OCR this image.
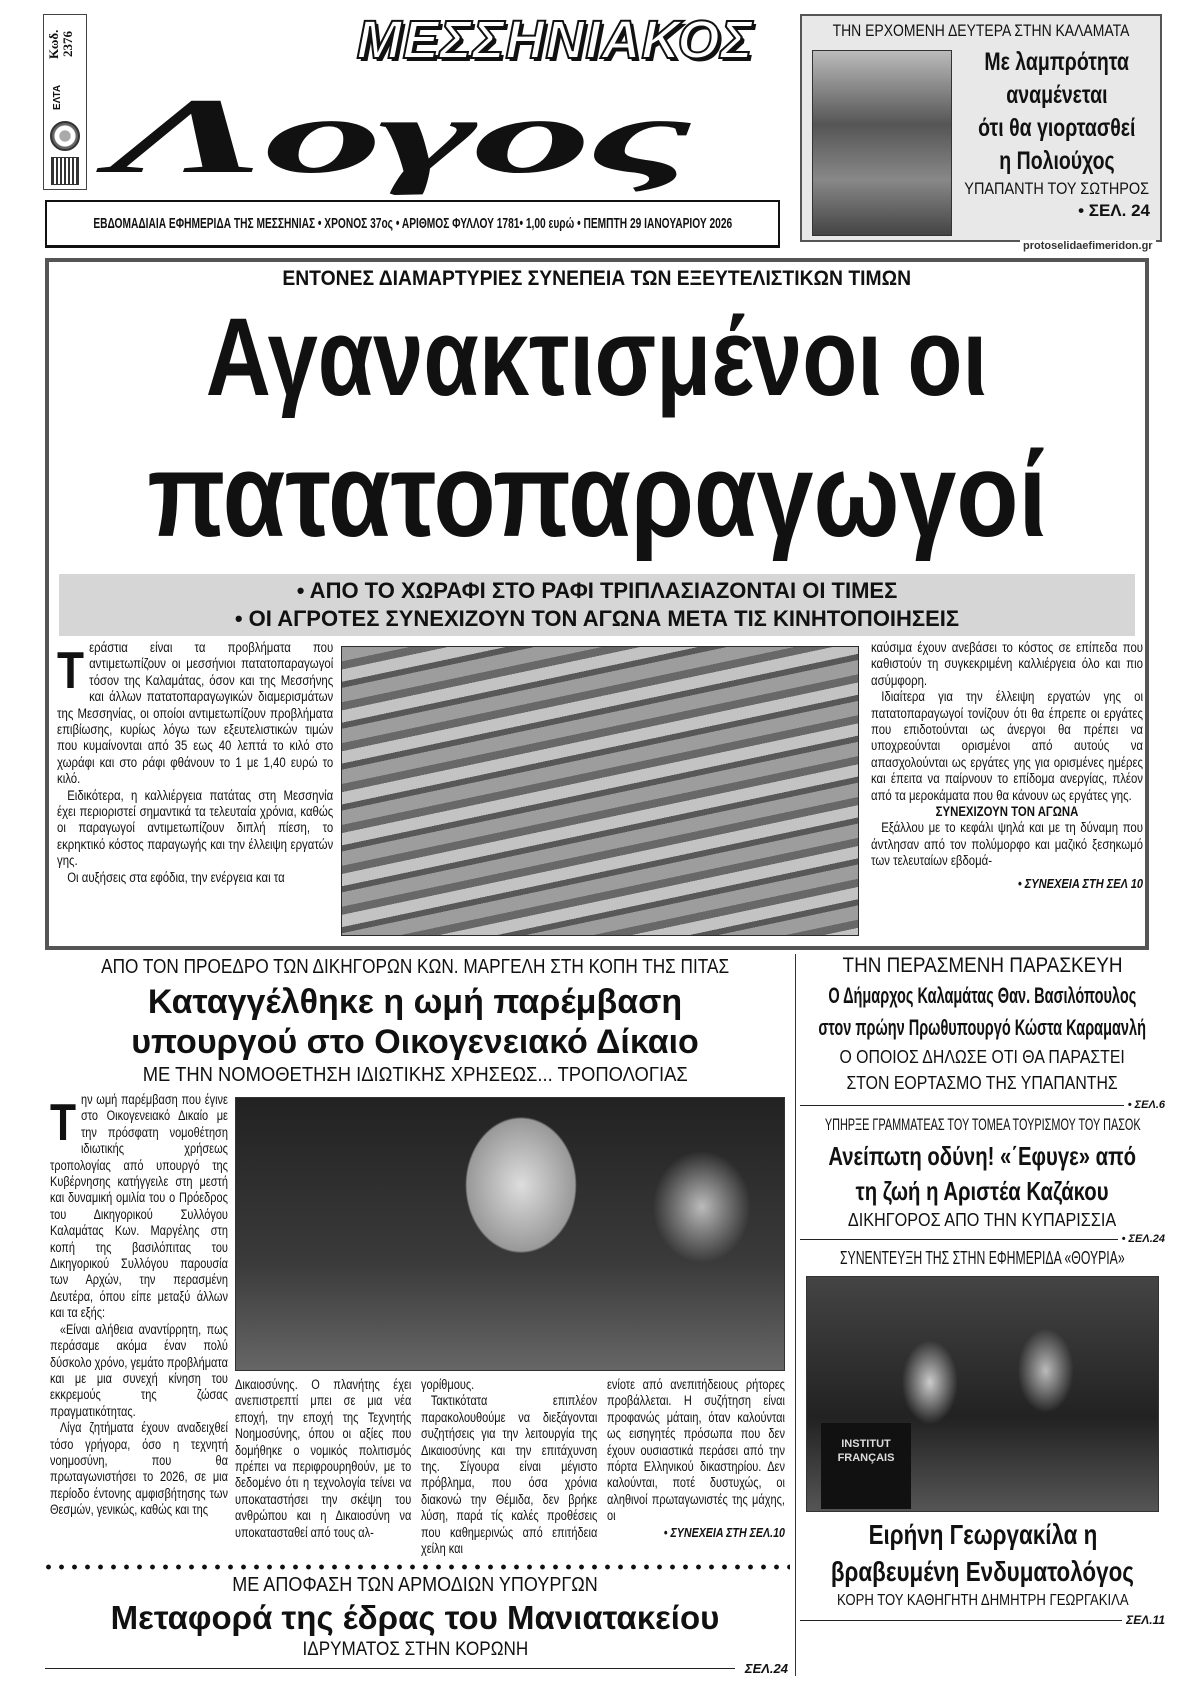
Κωδ. 2376
ΕΛΤΑ
ΜΕΣΣΗΝΙΑΚΟΣ
Λογος
ΕΒΔΟΜΑΔΙΑΙΑ ΕΦΗΜΕΡΙΔΑ ΤΗΣ ΜΕΣΣΗΝΙΑΣ • ΧΡΟΝΟΣ 37ος • ΑΡΙΘΜΟΣ ΦΥΛΛΟΥ 1781• 1,00 ευρώ • ΠΕΜΠΤΗ 29 ΙΑΝΟΥΑΡΙΟΥ 2026
ΤΗΝ ΕΡΧΟΜΕΝΗ ΔΕΥΤΕΡΑ ΣΤΗΝ ΚΑΛΑΜΑΤΑ
Με λαμπρότητα
αναμένεται
ότι θα γιορτασθεί
η Πολιούχος
ΥΠΑΠΑΝΤΗ ΤΟΥ ΣΩΤΗΡΟΣ
• ΣΕΛ. 24
protoselidaefimeridon.gr
ΕΝΤΟΝΕΣ ΔΙΑΜΑΡΤΥΡΙΕΣ ΣΥΝΕΠΕΙΑ ΤΩΝ ΕΞΕΥΤΕΛΙΣΤΙΚΩΝ ΤΙΜΩΝ
Αγανακτισμένοι οι
πατατοπαραγωγοί
• ΑΠΟ ΤΟ ΧΩΡΑΦΙ ΣΤΟ ΡΑΦΙ ΤΡΙΠΛΑΣΙΑΖΟΝΤΑΙ ΟΙ ΤΙΜΕΣ
• ΟΙ ΑΓΡΟΤΕΣ ΣΥΝΕΧΙΖΟΥΝ ΤΟΝ ΑΓΩΝΑ ΜΕΤΑ ΤΙΣ ΚΙΝΗΤΟΠΟΙΗΣΕΙΣ

Τεράστια είναι τα προβλήματα που αντιμετωπίζουν οι μεσσήνιοι πατατοπαραγωγοί τόσον της Καλαμάτας, όσον και της Μεσσήνης και άλλων πατατοπαραγωγικών διαμερισμάτων της Μεσσηνίας, οι οποίοι αντιμετωπίζουν προβλήματα επιβίωσης, κυρίως λόγω των εξευτελιστικών τιμών που κυμαίνονται από 35 εως 40 λεπτά το κιλό στο χωράφι και στο ράφι φθάνουν το 1 με 1,40 ευρώ το κιλό.

Ειδικότερα, η καλλιέργεια πατάτας στη Μεσσηνία έχει περιοριστεί σημαντικά τα τελευταία χρόνια, καθώς οι παραγωγοί αντιμετωπίζουν διπλή πίεση, το εκρηκτικό κόστος παραγωγής και την έλλειψη εργατών γης.

Οι αυξήσεις στα εφόδια, την ενέργεια και τα

καύσιμα έχουν ανεβάσει το κόστος σε επίπεδα που καθιστούν τη συγκεκριμένη καλλιέργεια όλο και πιο ασύμφορη.

Ιδιαίτερα για την έλλειψη εργατών γης οι πατατοπαραγωγοί τονίζουν ότι θα έπρεπε οι εργάτες που επιδοτούνται ως άνεργοι θα πρέπει να υποχρεούνται ορισμένοι από αυτούς να απασχολούνται ως εργάτες γης για ορισμένες ημέρες και έπειτα να παίρνουν το επίδομα ανεργίας, πλέον από τα μεροκάματα που θα κάνουν ως εργάτες γης.

ΣΥΝΕΧΙΖΟΥΝ ΤΟΝ ΑΓΩΝΑ

Εξάλλου με το κεφάλι ψηλά και με τη δύναμη που άντλησαν από τον πολύμορφο και μαζικό ξεσηκωμό των τελευταίων εβδομά-

• ΣΥΝΕΧΕΙΑ ΣΤΗ ΣΕΛ 10
ΑΠΟ ΤΟΝ ΠΡΟΕΔΡΟ ΤΩΝ ΔΙΚΗΓΟΡΩΝ ΚΩΝ. ΜΑΡΓΕΛΗ ΣΤΗ ΚΟΠΗ ΤΗΣ ΠΙΤΑΣ
Καταγγέλθηκε η ωμή παρέμβαση
υπουργού στο Οικογενειακό Δίκαιο
ΜΕ ΤΗΝ ΝΟΜΟΘΕΤΗΣΗ ΙΔΙΩΤΙΚΗΣ ΧΡΗΣΕΩΣ... ΤΡΟΠΟΛΟΓΙΑΣ

Την ωμή παρέμβαση που έγινε στο Οικογενειακό Δικαίο με την πρόσφατη νομοθέτηση ιδιωτικής χρήσεως τροπολογίας από υπουργό της Κυβέρνησης κατήγγειλε στη μεστή και δυναμική ομιλία του ο Πρόεδρος του Δικηγορικού Συλλόγου Καλαμάτας Κων. Μαργέλης στη κοπή της βασιλόπιτας του Δικηγορικού Συλλόγου παρουσία των Αρχών, την περασμένη Δευτέρα, όπου είπε μεταξύ άλλων και τα εξής:

«Είναι αλήθεια αναντίρρητη, πως περάσαμε ακόμα έναν πολύ δύσκολο χρόνο, γεμάτο προβλήματα και με μια συνεχή κίνηση του εκκρεμούς της ζώσας πραγματικότητας.

Λίγα ζητήματα έχουν αναδειχθεί τόσο γρήγορα, όσο η τεχνητή νοημοσύνη, που θα πρωταγωνιστήσει το 2026, σε μια περίοδο έντονης αμφισβήτησης των Θεσμών, γενικώς, καθώς και της

Δικαιοσύνης. Ο πλανήτης έχει ανεπιστρεπτί μπει σε μια νέα εποχή, την εποχή της Τεχνητής Νοημοσύνης, όπου οι αξίες που δομήθηκε ο νομικός πολιτισμός πρέπει να περιφρουρηθούν, με το δεδομένο ότι η τεχνολογία τείνει να υποκαταστήσει την σκέψη του ανθρώπου και η Δικαιοσύνη να υποκατασταθεί από τους αλ-

γορίθμους.

Τακτικότατα επιπλέον παρακολουθούμε να διεξάγονται συζητήσεις για την λειτουργία της Δικαιοσύνης και την επιτάχυνση της. Σίγουρα είναι μέγιστο πρόβλημα, που όσα χρόνια διακονώ την Θέμιδα, δεν βρήκε λύση, παρά τίς καλές προθέσεις που καθημερινώς από επιτήδεια χείλη και

ενίοτε από ανεπιτήδειους ρήτορες προβάλλεται. Η συζήτηση είναι προφανώς μάταιη, όταν καλούνται ως εισηγητές πρόσωπα που δεν έχουν ουσιαστικά περάσει από την πόρτα Ελληνικού δικαστηρίου. Δεν καλούνται, ποτέ δυστυχώς, οι αληθινοί πρωταγωνιστές της μάχης, οι

• ΣΥΝΕΧΕΙΑ ΣΤΗ ΣΕΛ.10
ΜΕ ΑΠΟΦΑΣΗ ΤΩΝ ΑΡΜΟΔΙΩΝ ΥΠΟΥΡΓΩΝ
Μεταφορά της έδρας του Μανιατακείου
ΙΔΡΥΜΑΤΟΣ ΣΤΗΝ ΚΟΡΩΝΗ
ΣΕΛ.24
ΤΗΝ ΠΕΡΑΣΜΕΝΗ ΠΑΡΑΣΚΕΥΗ
Ο Δήμαρχος Καλαμάτας Θαν. Βασιλόπουλος
στον πρώην Πρωθυπουργό Κώστα Καραμανλή
Ο ΟΠΟΙΟΣ ΔΗΛΩΣΕ ΟΤΙ ΘΑ ΠΑΡΑΣΤΕΙ
ΣΤΟΝ ΕΟΡΤΑΣΜΟ ΤΗΣ ΥΠΑΠΑΝΤΗΣ
• ΣΕΛ.6
ΥΠΗΡΞΕ ΓΡΑΜΜΑΤΕΑΣ ΤΟΥ ΤΟΜΕΑ ΤΟΥΡΙΣΜΟΥ ΤΟΥ ΠΑΣΟΚ
Ανείπωτη οδύνη! «΄Εφυγε» από
τη ζωή η Αριστέα Καζάκου
ΔΙΚΗΓΟΡΟΣ ΑΠΟ ΤΗΝ ΚΥΠΑΡΙΣΣΙΑ
• ΣΕΛ.24
ΣΥΝΕΝΤΕΥΞΗ ΤΗΣ ΣΤΗΝ ΕΦΗΜΕΡΙΔΑ «ΘΟΥΡΙΑ»
INSTITUT FRANÇAIS
Ειρήνη Γεωργακίλα η
βραβευμένη Ενδυματολόγος
ΚΟΡΗ ΤΟΥ ΚΑΘΗΓΗΤΗ ΔΗΜΗΤΡΗ ΓΕΩΡΓΑΚΙΛΑ
ΣΕΛ.11
